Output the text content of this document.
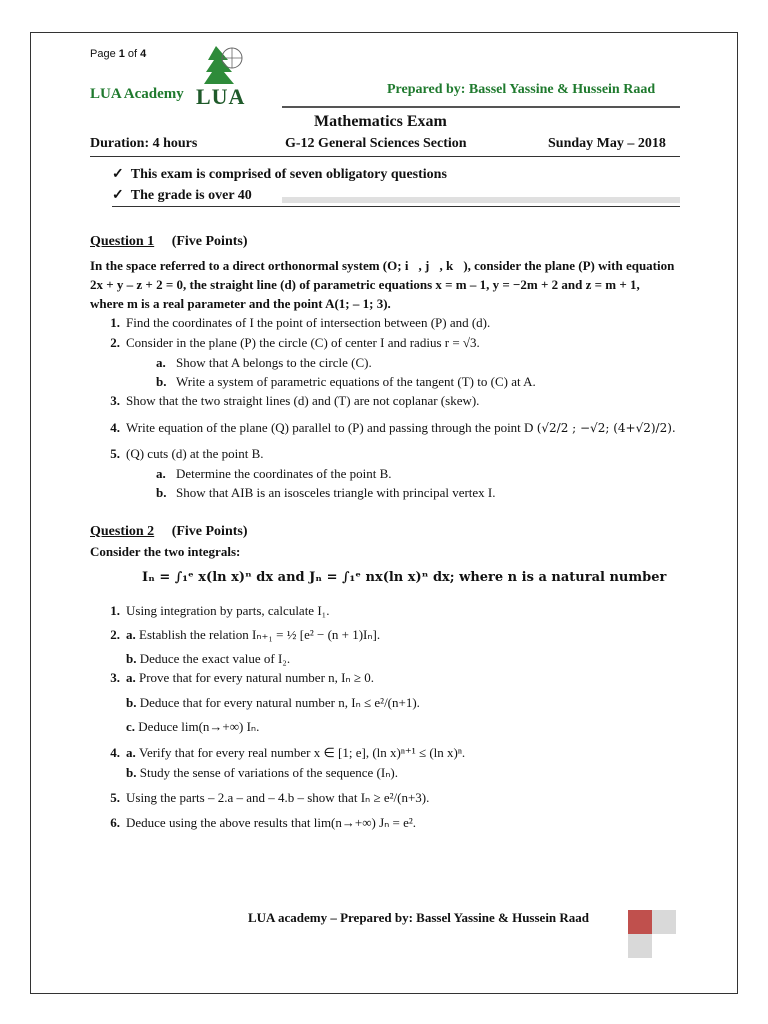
Page 1 of 4
LUA Academy LUA	Prepared by: Bassel Yassine & Hussein Raad
Mathematics Exam
Duration: 4 hours	G-12 General Sciences Section	Sunday May – 2018
✓  This exam is comprised of seven obligatory questions
✓  The grade is over 40
Question 1 (Five Points)
In the space referred to a direct orthonormal system (O; i⃗, j⃗, k⃗), consider the plane (P) with equation
2x + y – z + 2 = 0, the straight line (d) of parametric equations x = m – 1, y = −2m + 2 and z = m + 1,
where m is a real parameter and the point A(1; – 1; 3).
1. Find the coordinates of I the point of intersection between (P) and (d).
2. Consider in the plane (P) the circle (C) of center I and radius r = √3.
a. Show that A belongs to the circle (C).
b. Write a system of parametric equations of the tangent (T) to (C) at A.
3. Show that the two straight lines (d) and (T) are not coplanar (skew).
4. Write equation of the plane (Q) parallel to (P) and passing through the point D (√2/2 ; −√2; (4+√2)/2).
5. (Q) cuts (d) at the point B.
a. Determine the coordinates of the point B.
b. Show that AIB is an isosceles triangle with principal vertex I.
Question 2 (Five Points)
Consider the two integrals:
Iₙ = ∫₁ᵉ x(ln x)ⁿ dx and Jₙ = ∫₁ᵉ nx(ln x)ⁿ dx; where n is a natural number
1. Using integration by parts, calculate I₁.
2. a. Establish the relation Iₙ₊₁ = ½ [e² − (n + 1)Iₙ].
b. Deduce the exact value of I₂.
3. a. Prove that for every natural number n, Iₙ ≥ 0.
b. Deduce that for every natural number n, Iₙ ≤ e²/(n+1).
c. Deduce lim(n→+∞) Iₙ.
4. a. Verify that for every real number x ∈ [1; e], (ln x)ⁿ⁺¹ ≤ (ln x)ⁿ.
b. Study the sense of variations of the sequence (Iₙ).
5. Using the parts – 2.a – and – 4.b – show that Iₙ ≥ e²/(n+3).
6. Deduce using the above results that lim(n→+∞) Jₙ = e².
LUA academy – Prepared by: Bassel Yassine & Hussein Raad
